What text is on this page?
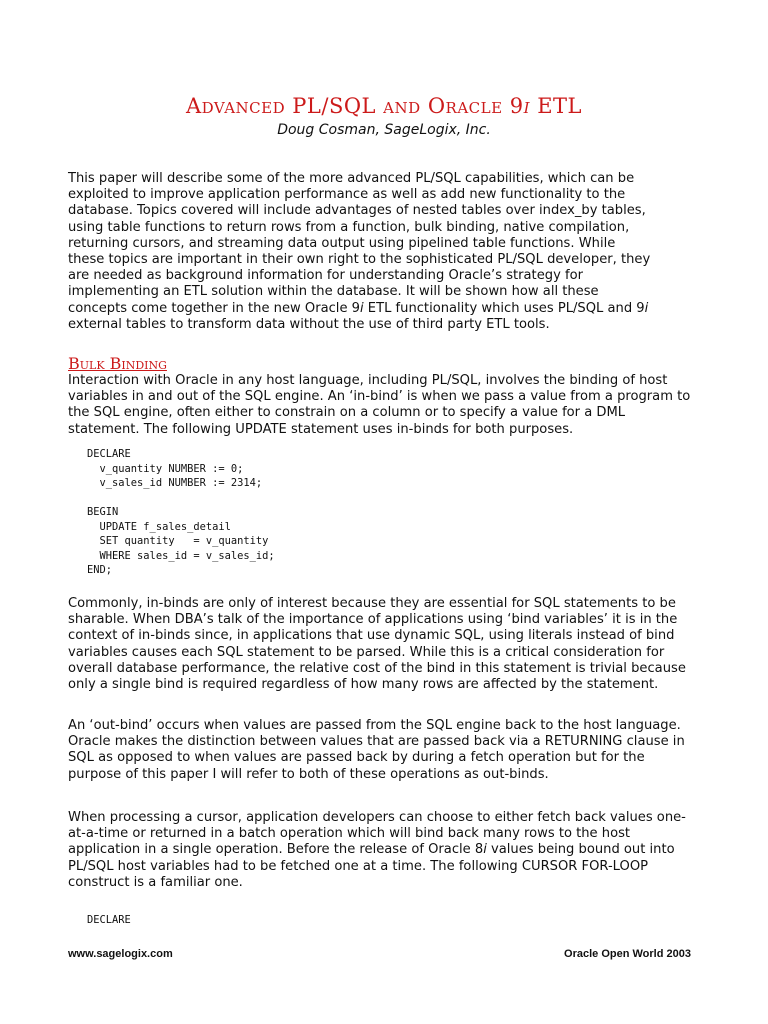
Advanced PL/SQL and Oracle 9i ETL
Doug Cosman, SageLogix, Inc.
This paper will describe some of the more advanced PL/SQL capabilities, which can be
exploited to improve application performance as well as add new functionality to the
database. Topics covered will include advantages of nested tables over index_by tables,
using table functions to return rows from a function, bulk binding, native compilation,
returning cursors, and streaming data output using pipelined table functions. While
these topics are important in their own right to the sophisticated PL/SQL developer, they
are needed as background information for understanding Oracle’s strategy for
implementing an ETL solution within the database. It will be shown how all these
concepts come together in the new Oracle 9i ETL functionality which uses PL/SQL and 9i
external tables to transform data without the use of third party ETL tools.
Bulk Binding

Interaction with Oracle in any host language, including PL/SQL, involves the binding of host variables in and out of the SQL engine. An ‘in-bind’ is when we pass a value from a program to the SQL engine, often either to constrain on a column or to specify a value for a DML statement. The following UPDATE statement uses in-binds for both purposes.

DECLARE
v_quantity NUMBER := 0;
v_sales_id NUMBER := 2314;

BEGIN
UPDATE f_sales_detail
SET quantity   = v_quantity
WHERE sales_id = v_sales_id;
END;

Commonly, in-binds are only of interest because they are essential for SQL statements to be sharable. When DBA’s talk of the importance of applications using ‘bind variables’ it is in the context of in-binds since, in applications that use dynamic SQL, using literals instead of bind variables causes each SQL statement to be parsed. While this is a critical consideration for overall database performance, the relative cost of the bind in this statement is trivial because only a single bind is required regardless of how many rows are affected by the statement.

An ‘out-bind’ occurs when values are passed from the SQL engine back to the host language. Oracle makes the distinction between values that are passed back via a RETURNING clause in SQL as opposed to when values are passed back by during a fetch operation but for the purpose of this paper I will refer to both of these operations as out-binds.

When processing a cursor, application developers can choose to either fetch back values one-at-a-time or returned in a batch operation which will bind back many rows to the host application in a single operation. Before the release of Oracle 8i values being bound out into PL/SQL host variables had to be fetched one at a time. The following CURSOR FOR-LOOP construct is a familiar one.

DECLARE
www.sagelogix.com	Oracle Open World 2003
